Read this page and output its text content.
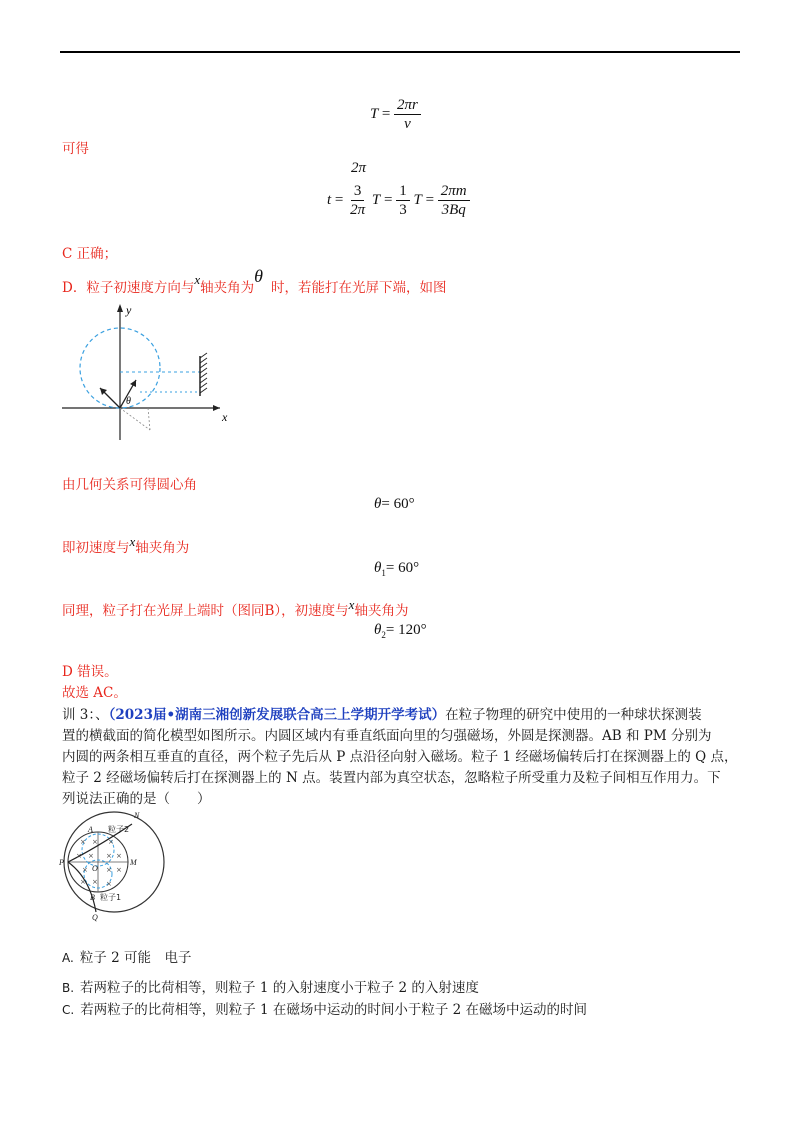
$T = \frac{2\pi r}{v}$
可得
2π
$t = \frac{3}{2\pi}$ $T = \frac{1}{3}$ $T = \frac{2\pi m}{3Bq}$
C 正确；
D．粒子初速度方向与x轴夹角为θ时，若能打在光屏下端，如图
y
x
θ
由几何关系可得圆心角
θ= 60°
即初速度与x轴夹角为
$\theta_1= 60^\circ$
同理，粒子打在光屏上端时（图同B），初速度与x轴夹角为
$\theta_2= 120^\circ$
D 错误。
故选 AC。
训 3：、（2023届•湖南三湘创新发展联合高三上学期开学考试）在粒子物理的研究中使用的一种球状探测装
置的横截面的简化模型如图所示。内圆区域内有垂直纸面向里的匀强磁场，外圆是探测器。AB 和 PM 分别为
内圆的两条相互垂直的直径，两个粒子先后从 P 点沿径向射入磁场。粒子 1 经磁场偏转后打在探测器上的 Q 点，
粒子 2 经磁场偏转后打在探测器上的 N 点。装置内部为真空状态，忽略粒子所受重力及粒子间相互作用力。下
列说法正确的是（　　）
× × ×
× × × ×
×	× ×
× × ×
N
A
P
O
M
B
Q
粒子2
粒子1
A. 粒子 2 可能　电子
B. 若两粒子的比荷相等，则粒子 1 的入射速度小于粒子 2 的入射速度
C. 若两粒子的比荷相等，则粒子 1 在磁场中运动的时间小于粒子 2 在磁场中运动的时间
